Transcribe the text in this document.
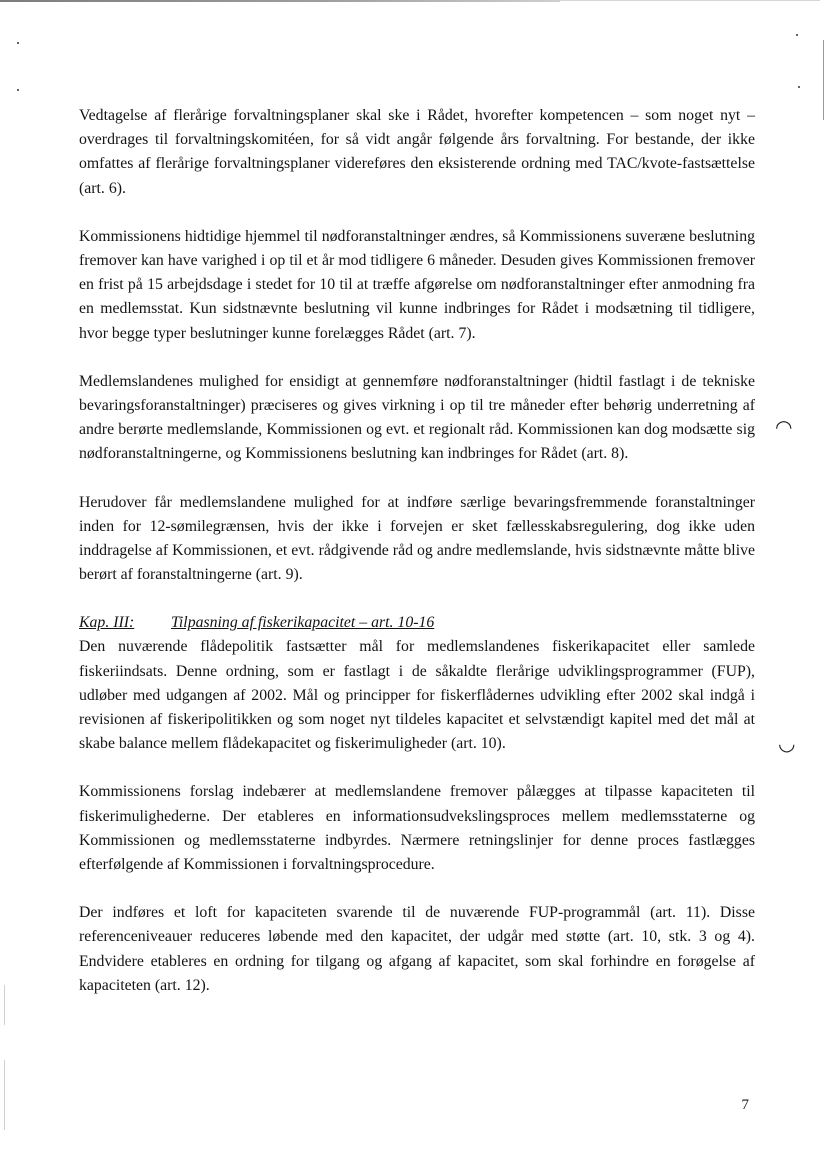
◠
◡

Vedtagelse af flerårige forvaltningsplaner skal ske i Rådet, hvorefter kompetencen – som noget nyt – overdrages til forvaltningskomitéen, for så vidt angår følgende års forvaltning. For bestande, der ikke omfattes af flerårige forvaltningsplaner videreføres den eksisterende ordning med TAC/kvote-fastsættelse (art. 6).

Kommissionens hidtidige hjemmel til nødforanstaltninger ændres, så Kommissionens suveræne beslutning fremover kan have varighed i op til et år mod tidligere 6 måneder. Desuden gives Kommissionen fremover en frist på 15 arbejdsdage i stedet for 10 til at træffe afgørelse om nødforanstaltninger efter anmodning fra en medlemsstat. Kun sidstnævnte beslutning vil kunne indbringes for Rådet i modsætning til tidligere, hvor begge typer beslutninger kunne forelægges Rådet (art. 7).

Medlemslandenes mulighed for ensidigt at gennemføre nødforanstaltninger (hidtil fastlagt i de tekniske bevaringsforanstaltninger) præciseres og gives virkning i op til tre måneder efter behørig underretning af andre berørte medlemslande, Kommissionen og evt. et regionalt råd. Kommissionen kan dog modsætte sig nødforanstaltningerne, og Kommissionens beslutning kan indbringes for Rådet (art. 8).

Herudover får medlemslandene mulighed for at indføre særlige bevaringsfremmende foranstaltninger inden for 12-sømilegrænsen, hvis der ikke i forvejen er sket fællesskabsregulering, dog ikke uden inddragelse af Kommissionen, et evt. rådgivende råd og andre medlemslande, hvis sidstnævnte måtte blive berørt af foranstaltningerne (art. 9).

Kap. III: Tilpasning af fiskerikapacitet – art. 10-16

Den nuværende flådepolitik fastsætter mål for medlemslandenes fiskerikapacitet eller samlede fiskeriindsats. Denne ordning, som er fastlagt i de såkaldte flerårige udviklingsprogrammer (FUP), udløber med udgangen af 2002. Mål og principper for fiskerflådernes udvikling efter 2002 skal indgå i revisionen af fiskeripolitikken og som noget nyt tildeles kapacitet et selvstændigt kapitel med det mål at skabe balance mellem flådekapacitet og fiskerimuligheder (art. 10).

Kommissionens forslag indebærer at medlemslandene fremover pålægges at tilpasse kapaciteten til fiskerimulighederne. Der etableres en informationsudvekslingsproces mellem medlemsstaterne og Kommissionen og medlemsstaterne indbyrdes. Nærmere retningslinjer for denne proces fastlægges efterfølgende af Kommissionen i forvaltningsprocedure.

Der indføres et loft for kapaciteten svarende til de nuværende FUP-programmål (art. 11). Disse referenceniveauer reduceres løbende med den kapacitet, der udgår med støtte (art. 10, stk. 3 og 4). Endvidere etableres en ordning for tilgang og afgang af kapacitet, som skal forhindre en forøgelse af kapaciteten (art. 12).

7
